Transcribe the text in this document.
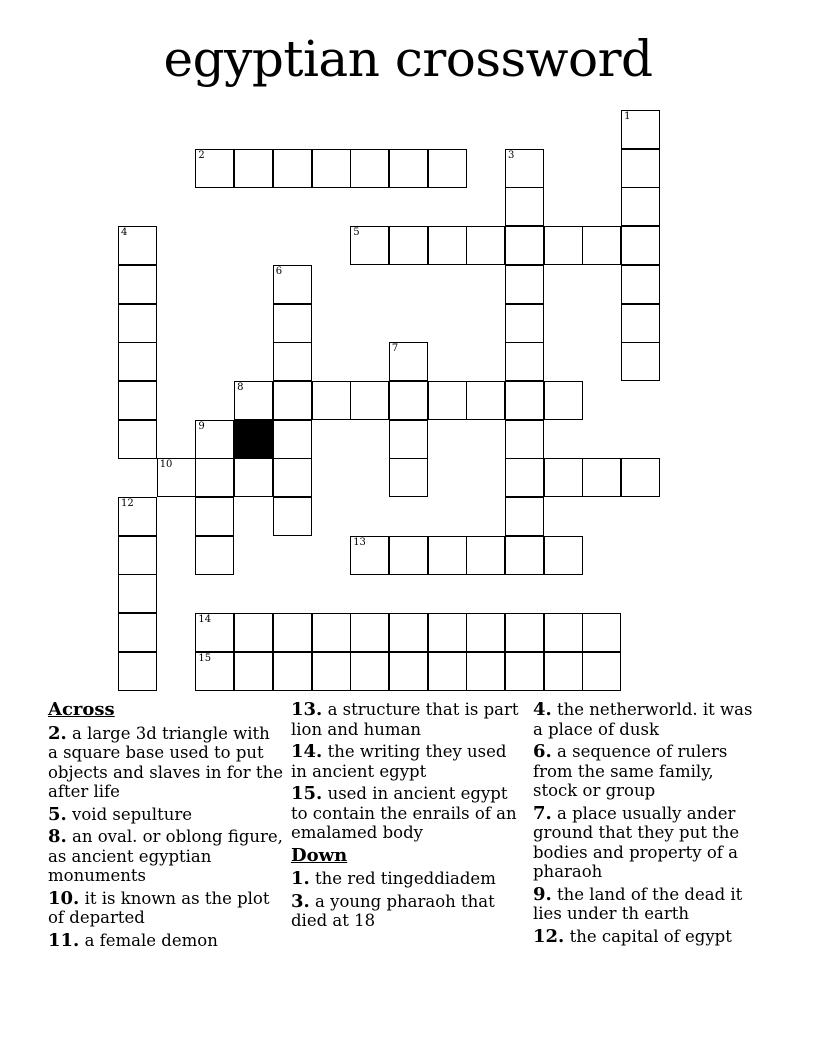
egyptian crossword
2	3
1
4	5
6
7
8
9
10
12
13
14
15
Across
2. a large 3d triangle with a square base used to put objects and slaves in for the after life
5. void sepulture
8. an oval. or oblong figure, as ancient egyptian monuments
10. it is known as the plot of departed
11. a female demon
13. a structure that is part lion and human
14. the writing they used in ancient egypt
15. used in ancient egypt to contain the enrails of an emalamed body
Down
1. the red tingeddiadem
3. a young pharaoh that died at 18
4. the netherworld. it was a place of dusk
6. a sequence of rulers from the same family, stock or group
7. a place usually ander ground that they put the bodies and property of a pharaoh
9. the land of the dead it lies under th earth
12. the capital of egypt
